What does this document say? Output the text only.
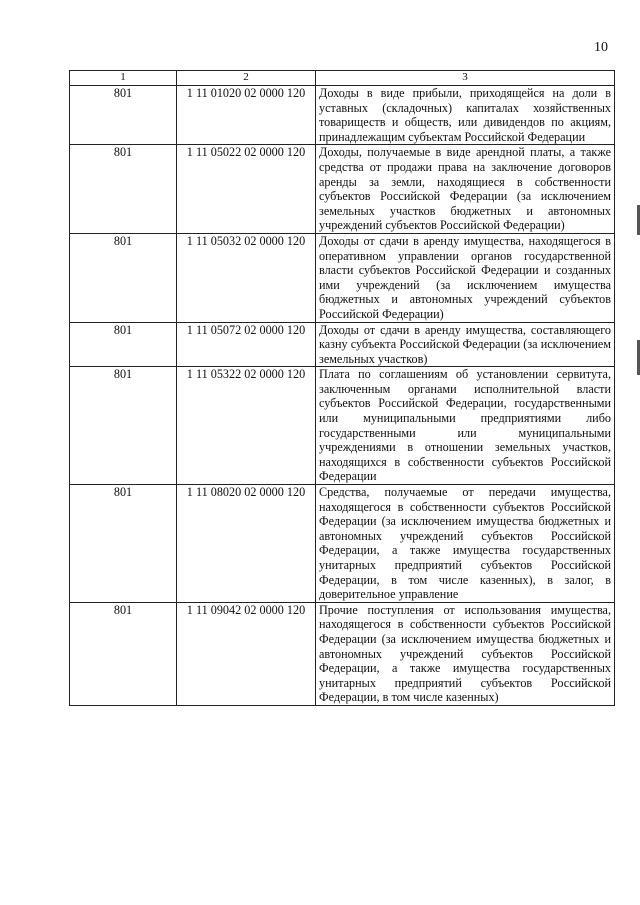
10
1	2	3
801	1 11 01020 02 0000 120	Доходы в виде прибыли, приходящейся на доли в уставных (складочных) капиталах хозяйственных товариществ и обществ, или дивидендов по акциям, принадлежащим субъектам Российской Федерации
801	1 11 05022 02 0000 120	Доходы, получаемые в виде арендной платы, а также средства от продажи права на заключение договоров аренды за земли, находящиеся в собственности субъектов Российской Федерации (за исключением земельных участков бюджетных и автономных учреждений субъектов Российской Федерации)
801	1 11 05032 02 0000 120	Доходы от сдачи в аренду имущества, находящегося в оперативном управлении органов государственной власти субъектов Российской Федерации и созданных ими учреждений (за исключением имущества бюджетных и автономных учреждений субъектов Российской Федерации)
801	1 11 05072 02 0000 120	Доходы от сдачи в аренду имущества, составляющего казну субъекта Российской Федерации (за исключением земельных участков)
801	1 11 05322 02 0000 120	Плата по соглашениям об установлении сервитута, заключенным органами исполнительной власти субъектов Российской Федерации, государственными или муниципальными предприятиями либо государственными или муниципальными учреждениями в отношении земельных участков, находящихся в собственности субъектов Российской Федерации
801	1 11 08020 02 0000 120	Средства, получаемые от передачи имущества, находящегося в собственности субъектов Российской Федерации (за исключением имущества бюджетных и автономных учреждений субъектов Российской Федерации, а также имущества государственных унитарных предприятий субъектов Российской Федерации, в том числе казенных), в залог, в доверительное управление
801	1 11 09042 02 0000 120	Прочие поступления от использования имущества, находящегося в собственности субъектов Российской Федерации (за исключением имущества бюджетных и автономных учреждений субъектов Российской Федерации, а также имущества государственных унитарных предприятий субъектов Российской Федерации, в том числе казенных)
